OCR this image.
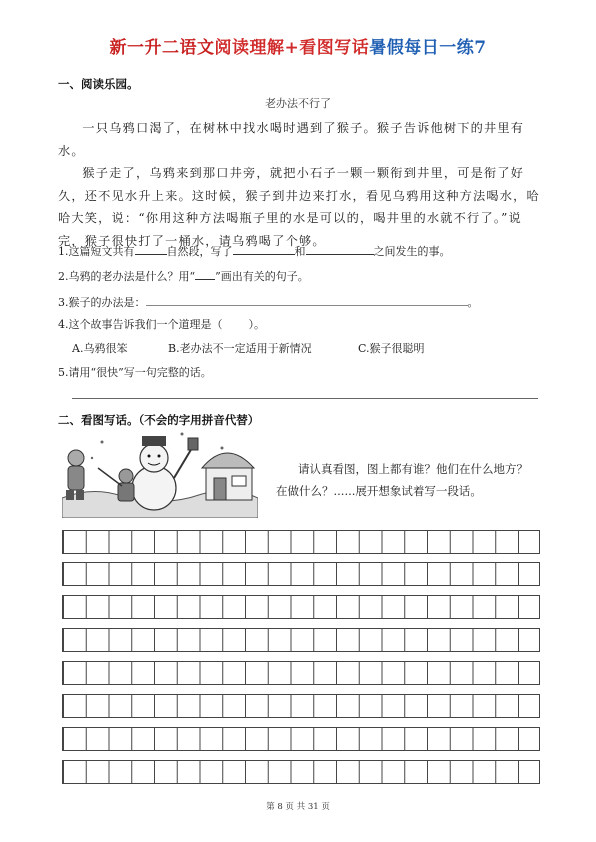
新一升二语文阅读理解+看图写话暑假每日一练7
一、阅读乐园。
老办法不行了

一只乌鸦口渴了，在树林中找水喝时遇到了猴子。猴子告诉他树下的井里有水。

猴子走了，乌鸦来到那口井旁，就把小石子一颗一颗衔到井里，可是衔了好久，还不见水升上来。这时候，猴子到井边来打水，看见乌鸦用这种方法喝水，哈哈大笑，说：“你用这种方法喝瓶子里的水是可以的，喝井里的水就不行了。”说完，猴子很快打了一桶水，请乌鸦喝了个够。

1.这篇短文共有	自然段，写了	和	之间发生的事。
2.乌鸦的老办法是什么？用“ ”画出有关的句子。
3.猴子的办法是：	。
4.这个故事告诉我们一个道理是（ ）。
A.乌鸦很笨	B.老办法不一定适用于新情况	C.猴子很聪明
5.请用“很快”写一句完整的话。
二、看图写话。（不会的字用拼音代替）
请认真看图，图上都有谁？他们在什么地方？
在做什么？......展开想象试着写一段话。
第 8 页 共 31 页
